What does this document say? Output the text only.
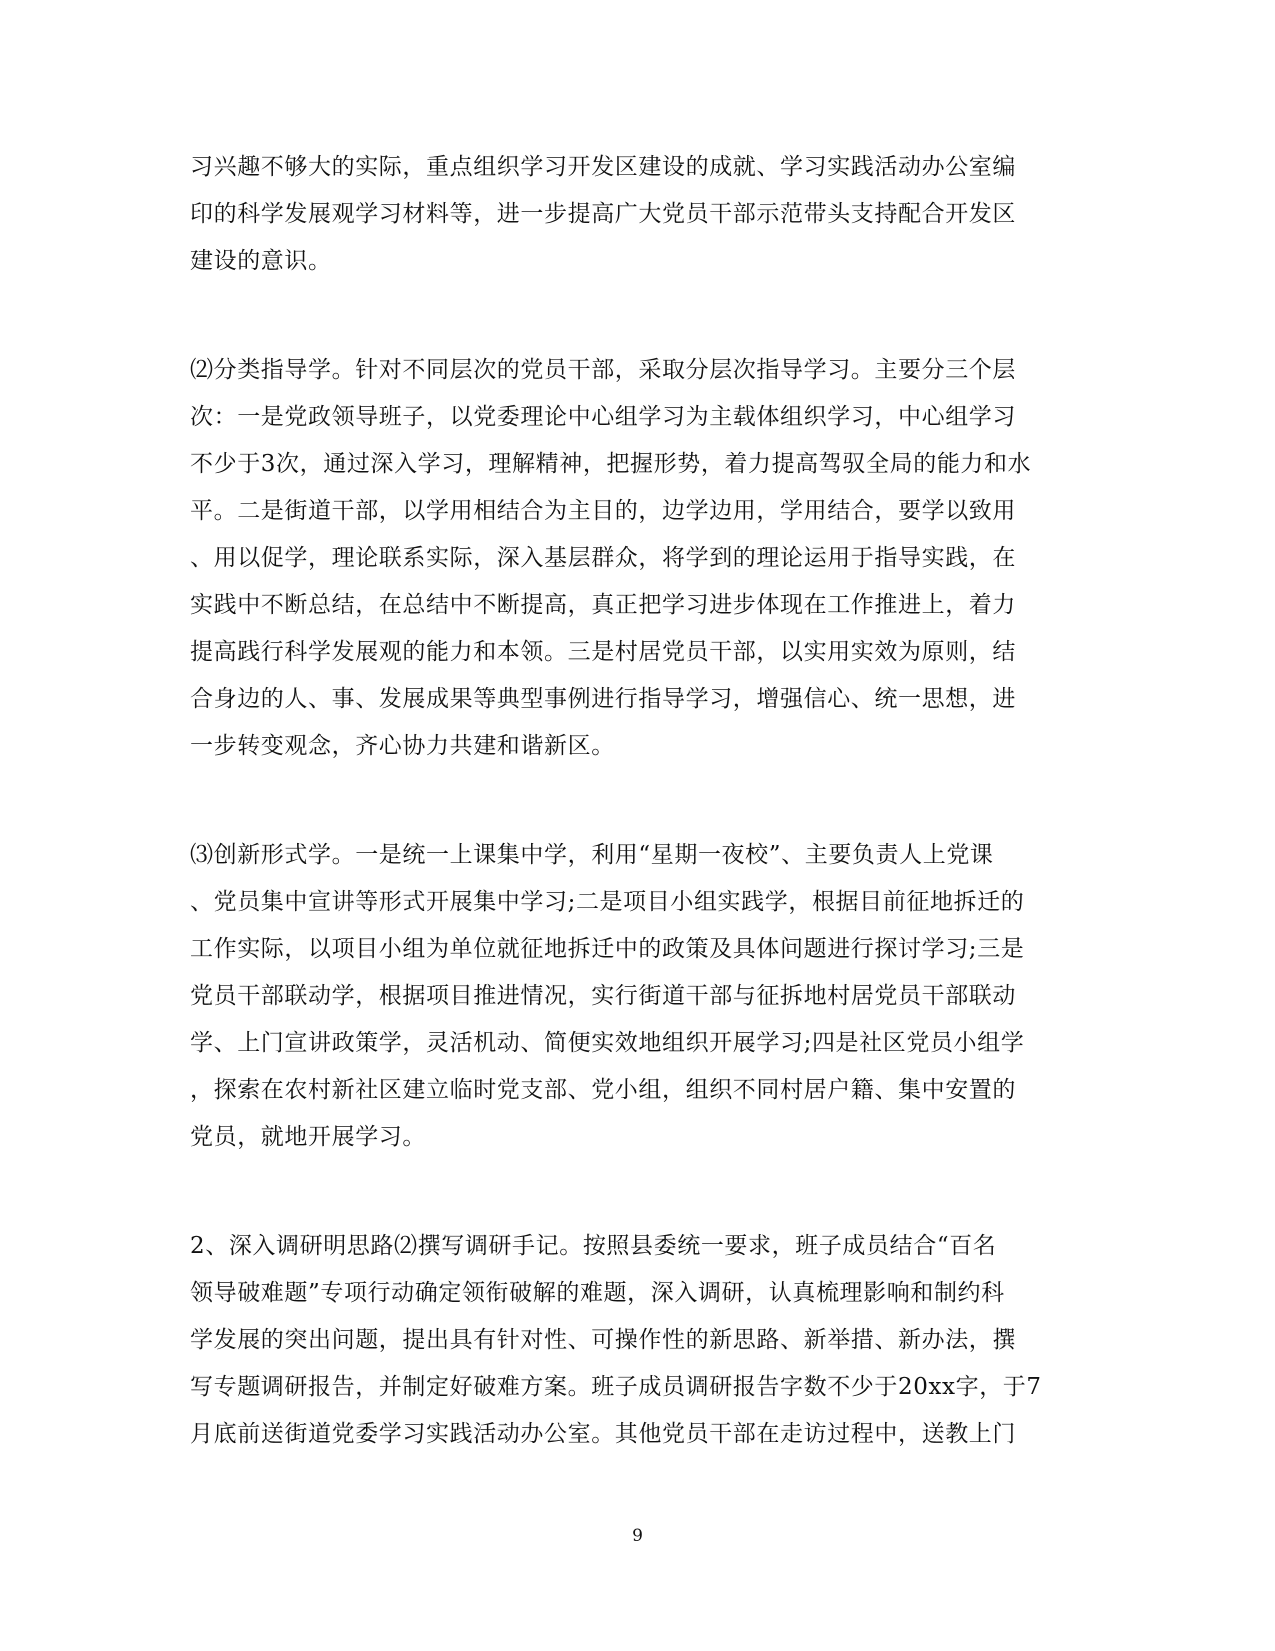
习兴趣不够大的实际，重点组织学习开发区建设的成就、学习实践活动办公室编
印的科学发展观学习材料等，进一步提高广大党员干部示范带头支持配合开发区
建设的意识。
⑵分类指导学。针对不同层次的党员干部，采取分层次指导学习。主要分三个层
次：一是党政领导班子，以党委理论中心组学习为主载体组织学习，中心组学习
不少于3次，通过深入学习，理解精神，把握形势，着力提高驾驭全局的能力和水
平。二是街道干部，以学用相结合为主目的，边学边用，学用结合，要学以致用
、用以促学，理论联系实际，深入基层群众，将学到的理论运用于指导实践，在
实践中不断总结，在总结中不断提高，真正把学习进步体现在工作推进上，着力
提高践行科学发展观的能力和本领。三是村居党员干部，以实用实效为原则，结
合身边的人、事、发展成果等典型事例进行指导学习，增强信心、统一思想，进
一步转变观念，齐心协力共建和谐新区。
⑶创新形式学。一是统一上课集中学，利用“星期一夜校”、主要负责人上党课
、党员集中宣讲等形式开展集中学习;二是项目小组实践学，根据目前征地拆迁的
工作实际，以项目小组为单位就征地拆迁中的政策及具体问题进行探讨学习;三是
党员干部联动学，根据项目推进情况，实行街道干部与征拆地村居党员干部联动
学、上门宣讲政策学，灵活机动、简便实效地组织开展学习;四是社区党员小组学
，探索在农村新社区建立临时党支部、党小组，组织不同村居户籍、集中安置的
党员，就地开展学习。
2、深入调研明思路⑵撰写调研手记。按照县委统一要求，班子成员结合“百名
领导破难题”专项行动确定领衔破解的难题，深入调研，认真梳理影响和制约科
学发展的突出问题，提出具有针对性、可操作性的新思路、新举措、新办法，撰
写专题调研报告，并制定好破难方案。班子成员调研报告字数不少于20xx字，于7
月底前送街道党委学习实践活动办公室。其他党员干部在走访过程中，送教上门
9
